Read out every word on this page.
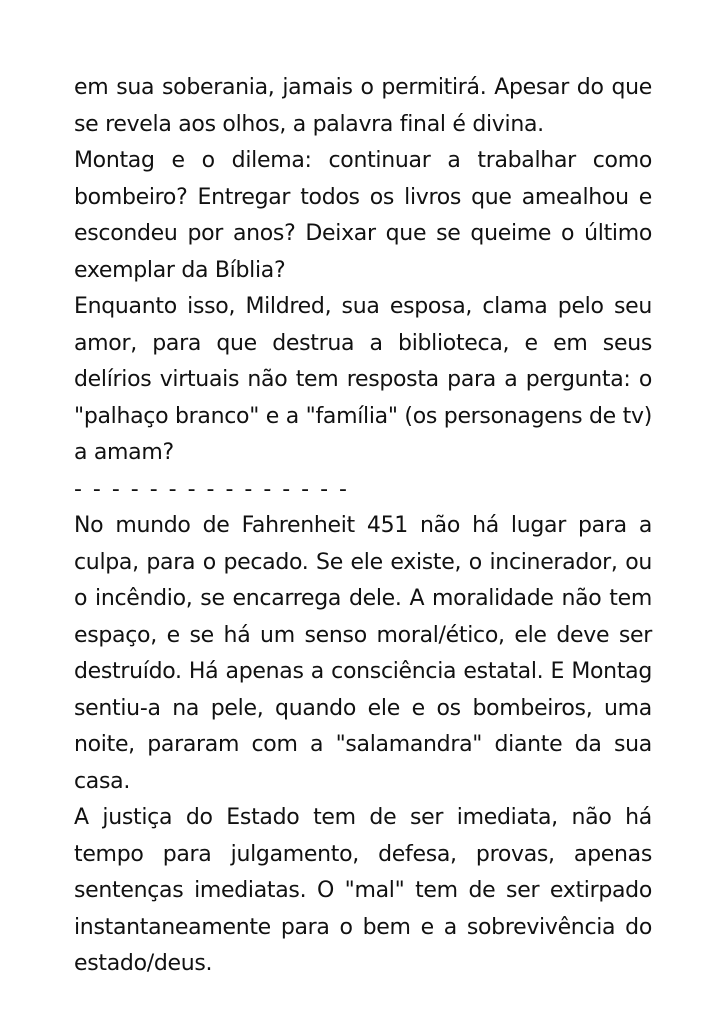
em sua soberania, jamais o permitirá. Apesar do que se revela aos olhos, a palavra final é divina.

Montag e o dilema: continuar a trabalhar como bombeiro? Entregar todos os livros que amealhou e escondeu por anos? Deixar que se queime o último exemplar da Bíblia?

Enquanto isso, Mildred, sua esposa, clama pelo seu amor, para que destrua a biblioteca, e em seus delírios virtuais não tem resposta para a pergunta: o "palhaço branco" e a "família" (os personagens de tv) a amam?

- - - - - - - - - - - - - - -

No mundo de Fahrenheit 451 não há lugar para a culpa, para o pecado. Se ele existe, o incinerador, ou o incêndio, se encarrega dele. A moralidade não tem espaço, e se há um senso moral/ético, ele deve ser destruído. Há apenas a consciência estatal. E Montag sentiu-a na pele, quando ele e os bombeiros, uma noite, pararam com a "salamandra" diante da sua casa.

A justiça do Estado tem de ser imediata, não há tempo para julgamento, defesa, provas, apenas sentenças imediatas. O "mal" tem de ser extirpado instantaneamente para o bem e a sobrevivência do estado/deus.
